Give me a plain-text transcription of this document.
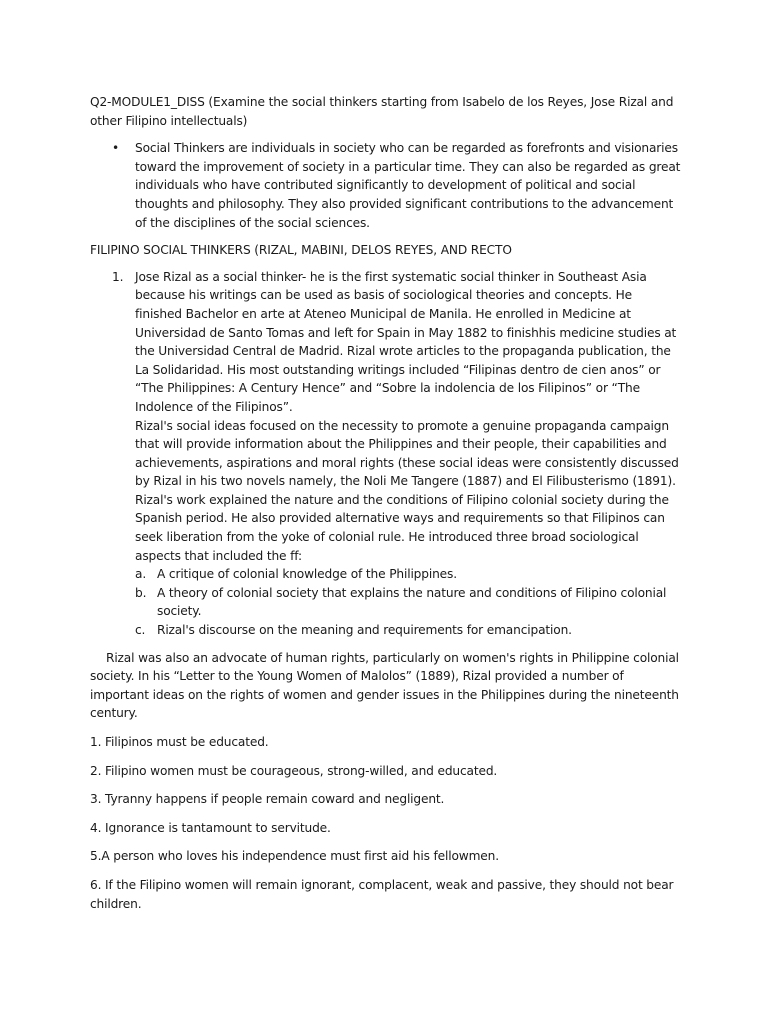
Q2-MODULE1_DISS (Examine the social thinkers starting from Isabelo de los Reyes, Jose Rizal and other Filipino intellectuals)

• Social Thinkers are individuals in society who can be regarded as forefronts and visionaries toward the improvement of society in a particular time. They can also be regarded as great individuals who have contributed significantly to development of political and social thoughts and philosophy. They also provided significant contributions to the advancement of the disciplines of the social sciences.

FILIPINO SOCIAL THINKERS (RIZAL, MABINI, DELOS REYES, AND RECTO

1. Jose Rizal as a social thinker- he is the first systematic social thinker in Southeast Asia because his writings can be used as basis of sociological theories and concepts. He finished Bachelor en arte at Ateneo Municipal de Manila. He enrolled in Medicine at Universidad de Santo Tomas and left for Spain in May 1882 to finishhis medicine studies at the Universidad Central de Madrid. Rizal wrote articles to the propaganda publication, the La Solidaridad. His most outstanding writings included “Filipinas dentro de cien anos” or “The Philippines: A Century Hence” and “Sobre la indolencia de los Filipinos” or “The Indolence of the Filipinos”.

Rizal's social ideas focused on the necessity to promote a genuine propaganda campaign that will provide information about the Philippines and their people, their capabilities and achievements, aspirations and moral rights (these social ideas were consistently discussed by Rizal in his two novels namely, the Noli Me Tangere (1887) and El Filibusterismo (1891).

Rizal's work explained the nature and the conditions of Filipino colonial society during the Spanish period. He also provided alternative ways and requirements so that Filipinos can seek liberation from the yoke of colonial rule. He introduced three broad sociological aspects that included the ff:

a. A critique of colonial knowledge of the Philippines.
b. A theory of colonial society that explains the nature and conditions of Filipino colonial society.
c. Rizal's discourse on the meaning and requirements for emancipation.

Rizal was also an advocate of human rights, particularly on women's rights in Philippine colonial society. In his “Letter to the Young Women of Malolos” (1889), Rizal provided a number of important ideas on the rights of women and gender issues in the Philippines during the nineteenth century.

1. Filipinos must be educated.

2. Filipino women must be courageous, strong-willed, and educated.

3. Tyranny happens if people remain coward and negligent.

4. Ignorance is tantamount to servitude.

5.A person who loves his independence must first aid his fellowmen.

6. If the Filipino women will remain ignorant, complacent, weak and passive, they should not bear children.
